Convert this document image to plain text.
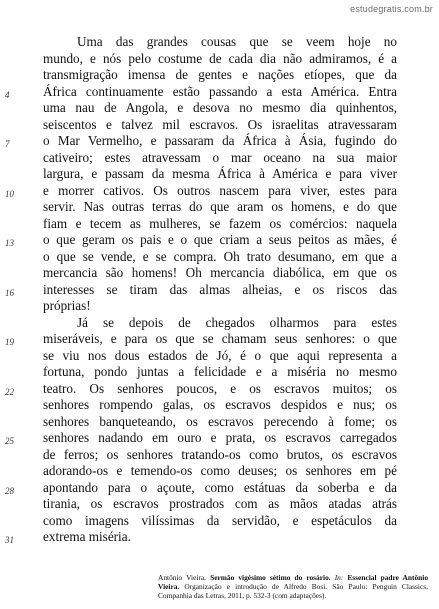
estudegratis.com.br
Uma das grandes cousas que se veem hoje no
mundo, e nós pelo costume de cada dia não admiramos, é a
transmigração imensa de gentes e nações etíopes, que da
4	África continuamente estão passando a esta América. Entra
uma nau de Angola, e desova no mesmo dia quinhentos,
seiscentos e talvez mil escravos. Os israelitas atravessaram
7	o Mar Vermelho, e passaram da África à Ásia, fugindo do
cativeiro; estes atravessam o mar oceano na sua maior
largura, e passam da mesma África à América e para viver
10	e morrer cativos. Os outros nascem para viver, estes para
servir. Nas outras terras do que aram os homens, e do que
fiam e tecem as mulheres, se fazem os comércios: naquela
13	o que geram os pais e o que criam a seus peitos as mães, é
o que se vende, e se compra. Oh trato desumano, em que a
mercancia são homens! Oh mercancia diabólica, em que os
16	interesses se tiram das almas alheias, e os riscos das
próprias!
Já se depois de chegados olharmos para estes
19	miseráveis, e para os que se chamam seus senhores: o que
se viu nos dous estados de Jó, é o que aqui representa a
fortuna, pondo juntas a felicidade e a miséria no mesmo
22	teatro. Os senhores poucos, e os escravos muitos; os
senhores rompendo galas, os escravos despidos e nus; os
senhores banqueteando, os escravos perecendo à fome; os
25	senhores nadando em ouro e prata, os escravos carregados
de ferros; os senhores tratando-os como brutos, os escravos
adorando-os e temendo-os como deuses; os senhores em pé
28	apontando para o açoute, como estátuas da soberba e da
tirania, os escravos prostrados com as mãos atadas atrás
como imagens vilíssimas da servidão, e espetáculos da
31	extrema miséria.
Antônio Vieira. Sermão vigésimo sétimo do rosário. In: Essencial padre Antônio Vieira. Organização e introdução de Alfredo Bosi. São Paulo: Penguin Classics, Companhia das Letras, 2011, p. 532-3 (com adaptações).
